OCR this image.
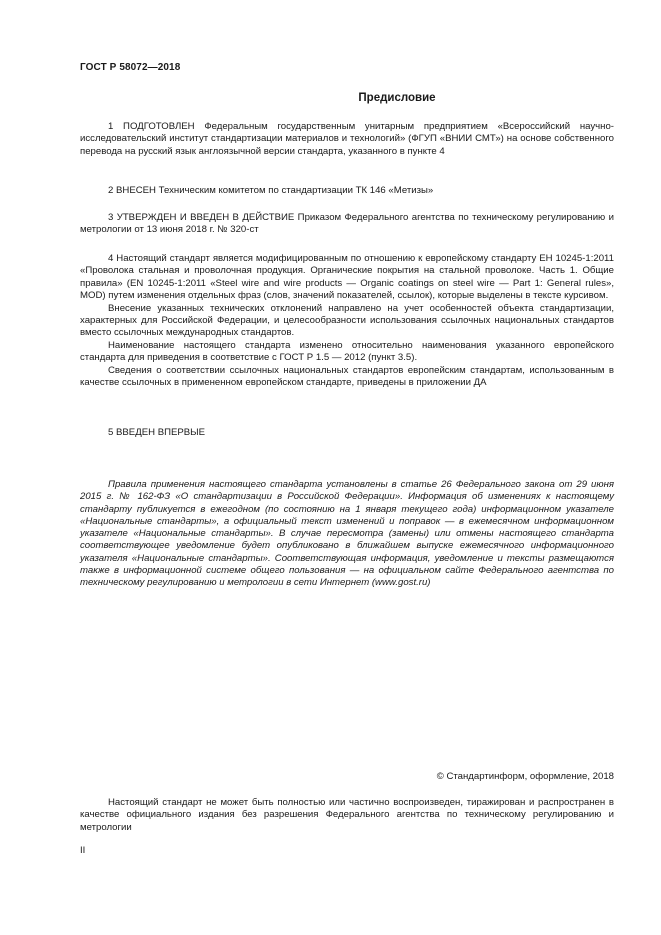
ГОСТ Р 58072—2018
Предисловие

1 ПОДГОТОВЛЕН Федеральным государственным унитарным предприятием «Всероссийский научно-исследовательский институт стандартизации материалов и технологий» (ФГУП «ВНИИ СМТ») на основе собственного перевода на русский язык англоязычной версии стандарта, указанного в пункте 4

2 ВНЕСЕН Техническим комитетом по стандартизации ТК 146 «Метизы»

3 УТВЕРЖДЕН И ВВЕДЕН В ДЕЙСТВИЕ Приказом Федерального агентства по техническому регулированию и метрологии от 13 июня 2018 г. № 320-ст

4 Настоящий стандарт является модифицированным по отношению к европейскому стандарту ЕН 10245-1:2011 «Проволока стальная и проволочная продукция. Органические покрытия на стальной проволоке. Часть 1. Общие правила» (EN 10245-1:2011 «Steel wire and wire products — Organic coatings on steel wire — Part 1: General rules», MOD) путем изменения отдельных фраз (слов, значений показателей, ссылок), которые выделены в тексте курсивом.

Внесение указанных технических отклонений направлено на учет особенностей объекта стандартизации, характерных для Российской Федерации, и целесообразности использования ссылочных национальных стандартов вместо ссылочных международных стандартов.

Наименование настоящего стандарта изменено относительно наименования указанного европейского стандарта для приведения в соответствие с ГОСТ Р 1.5 — 2012 (пункт 3.5).

Сведения о соответствии ссылочных национальных стандартов европейским стандартам, использованным в качестве ссылочных в примененном европейском стандарте, приведены в приложении ДА

5 ВВЕДЕН ВПЕРВЫЕ

Правила применения настоящего стандарта установлены в статье 26 Федерального закона от 29 июня 2015 г. № 162-ФЗ «О стандартизации в Российской Федерации». Информация об изменениях к настоящему стандарту публикуется в ежегодном (по состоянию на 1 января текущего года) информационном указателе «Национальные стандарты», а официальный текст изменений и поправок — в ежемесячном информационном указателе «Национальные стандарты». В случае пересмотра (замены) или отмены настоящего стандарта соответствующее уведомление будет опубликовано в ближайшем выпуске ежемесячного информационного указателя «Национальные стандарты». Соответствующая информация, уведомление и тексты размещаются также в информационной системе общего пользования — на официальном сайте Федерального агентства по техническому регулированию и метрологии в сети Интернет (www.gost.ru)

© Стандартинформ, оформление, 2018

Настоящий стандарт не может быть полностью или частично воспроизведен, тиражирован и распространен в качестве официального издания без разрешения Федерального агентства по техническому регулированию и метрологии

II
